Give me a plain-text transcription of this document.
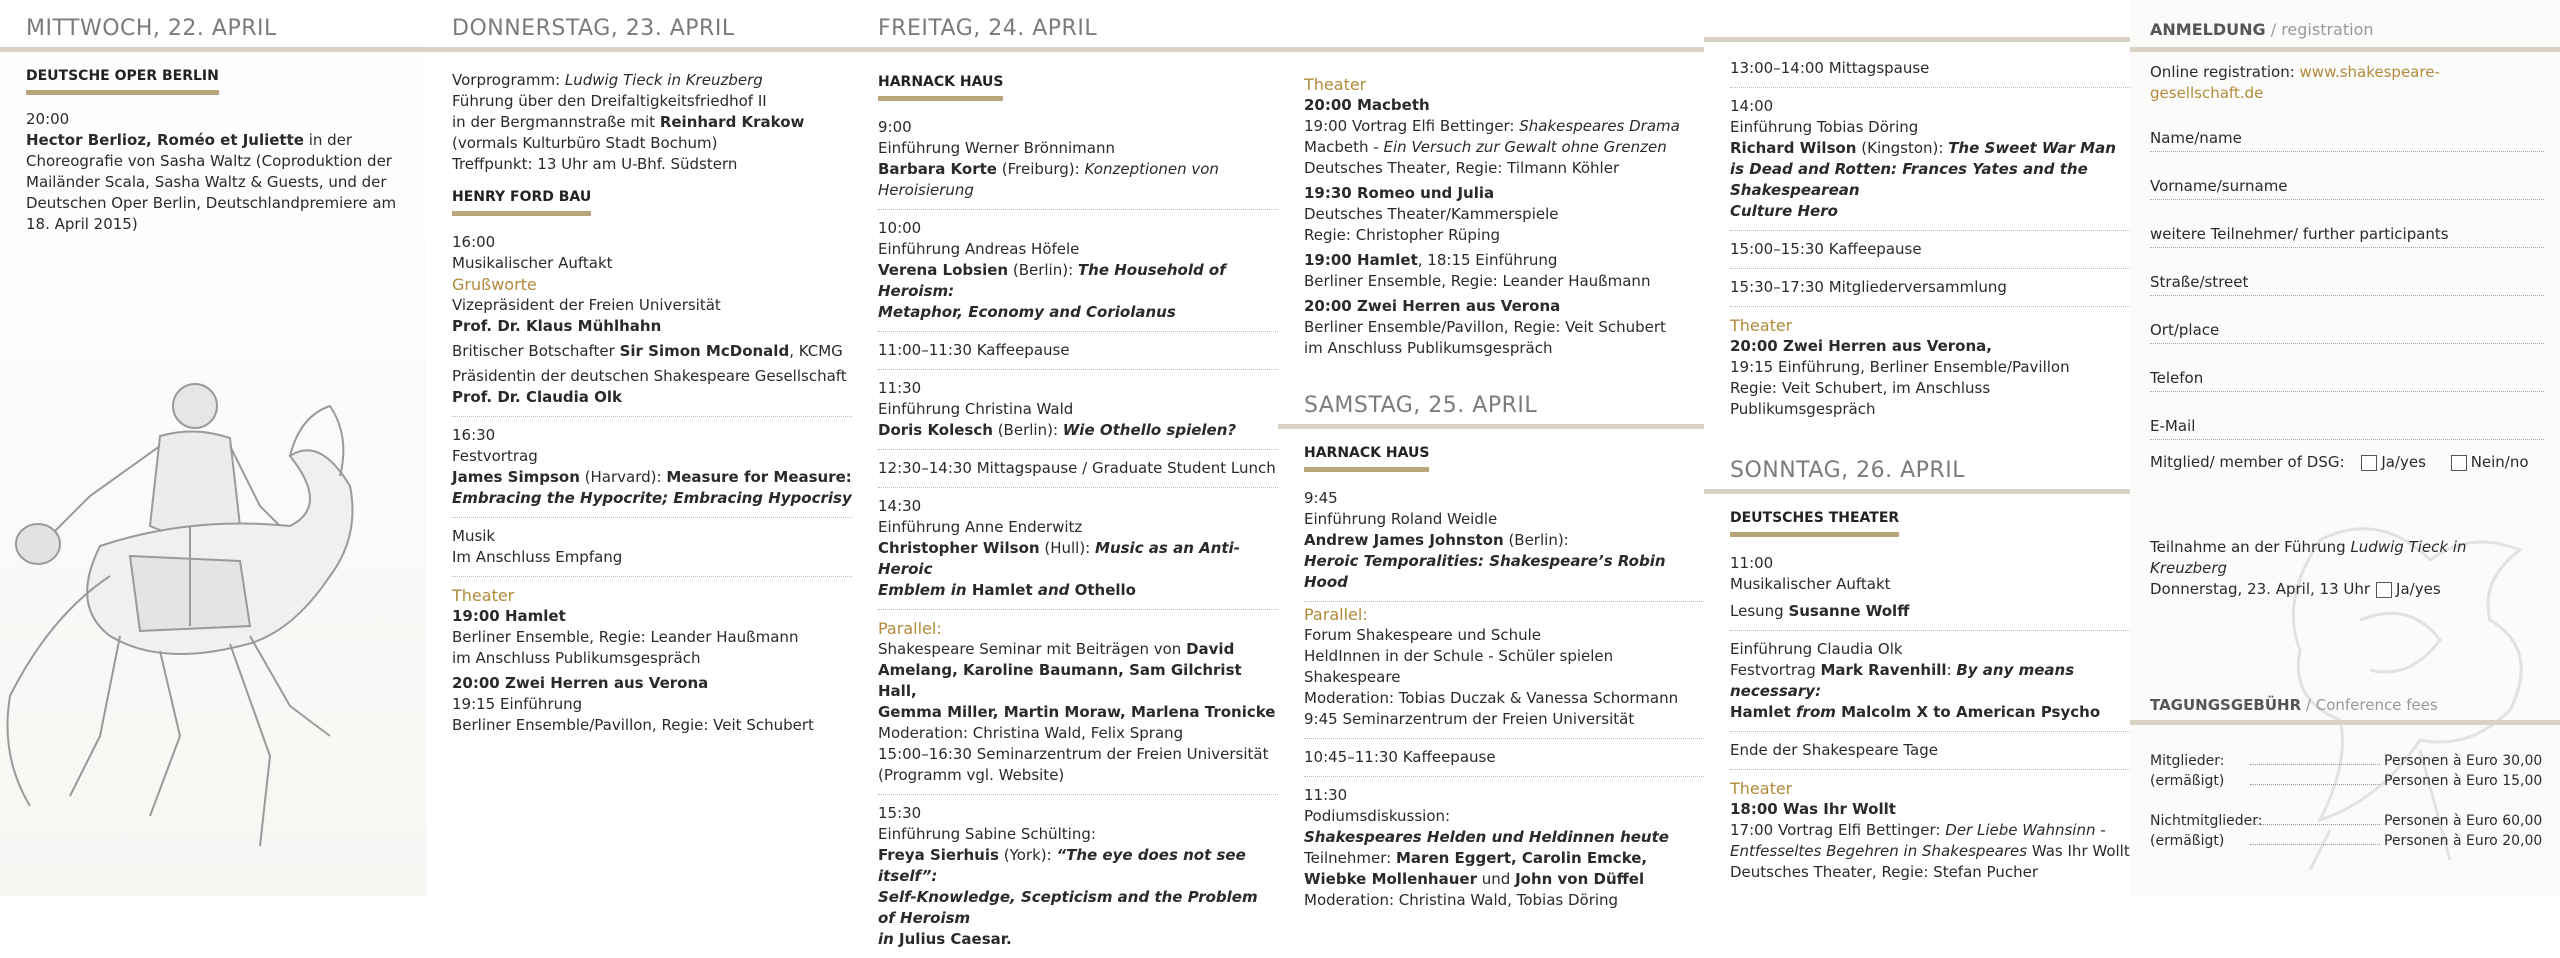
MITTWOCH, 22. APRIL
DEUTSCHE OPER BERLIN
20:00
Hector Berlioz, Roméo et Juliette in der Choreografie von Sasha Waltz (Coproduktion der Mailänder Scala, Sasha Waltz & Guests, und der Deutschen Oper Berlin, Deutschlandpremiere am 18. April 2015)
DONNERSTAG, 23. APRIL
Vorprogramm: Ludwig Tieck in Kreuzberg
Führung über den Dreifaltigkeitsfriedhof II
in der Bergmannstraße mit Reinhard Krakow
(vormals Kulturbüro Stadt Bochum)
Treffpunkt: 13 Uhr am U-Bhf. Südstern
HENRY FORD BAU
16:00
Musikalischer Auftakt
Grußworte
Vizepräsident der Freien Universität
Prof. Dr. Klaus Mühlhahn
Britischer Botschafter Sir Simon McDonald, KCMG
Präsidentin der deutschen Shakespeare Gesellschaft
Prof. Dr. Claudia Olk
16:30
Festvortrag
James Simpson (Harvard): Measure for Measure:
Embracing the Hypocrite; Embracing Hypocrisy
Musik
Im Anschluss Empfang
Theater
19:00 Hamlet
Berliner Ensemble, Regie: Leander Haußmann
im Anschluss Publikumsgespräch
20:00 Zwei Herren aus Verona
19:15 Einführung
Berliner Ensemble/Pavillon, Regie: Veit Schubert
FREITAG, 24. APRIL
HARNACK HAUS
9:00
Einführung Werner Brönnimann
Barbara Korte (Freiburg): Konzeptionen von Heroisierung
10:00
Einführung Andreas Höfele
Verena Lobsien (Berlin): The Household of Heroism:
Metaphor, Economy and Coriolanus
11:00–11:30 Kaffeepause
11:30
Einführung Christina Wald
Doris Kolesch (Berlin): Wie Othello spielen?
12:30–14:30 Mittagspause / Graduate Student Lunch
14:30
Einführung Anne Enderwitz
Christopher Wilson (Hull): Music as an Anti-Heroic
Emblem in Hamlet and Othello
Parallel:
Shakespeare Seminar mit Beiträgen von David
Amelang, Karoline Baumann, Sam Gilchrist Hall,
Gemma Miller, Martin Moraw, Marlena Tronicke
Moderation: Christina Wald, Felix Sprang
15:00–16:30 Seminarzentrum der Freien Universität
(Programm vgl. Website)
15:30
Einführung Sabine Schülting:
Freya Sierhuis (York): “The eye does not see itself”:
Self-Knowledge, Scepticism and the Problem of Heroism
in Julius Caesar.
Theater
20:00 Macbeth
19:00 Vortrag Elfi Bettinger: Shakespeares Drama
Macbeth - Ein Versuch zur Gewalt ohne Grenzen
Deutsches Theater, Regie: Tilmann Köhler
19:30 Romeo und Julia
Deutsches Theater/Kammerspiele
Regie: Christopher Rüping
19:00 Hamlet, 18:15 Einführung
Berliner Ensemble, Regie: Leander Haußmann
20:00 Zwei Herren aus Verona
Berliner Ensemble/Pavillon, Regie: Veit Schubert
im Anschluss Publikumsgespräch
SAMSTAG, 25. APRIL
HARNACK HAUS
9:45
Einführung Roland Weidle
Andrew James Johnston (Berlin):
Heroic Temporalities: Shakespeare’s Robin Hood
Parallel:
Forum Shakespeare und Schule
HeldInnen in der Schule - Schüler spielen Shakespeare
Moderation: Tobias Duczak & Vanessa Schormann
9:45 Seminarzentrum der Freien Universität
10:45–11:30 Kaffeepause
11:30
Podiumsdiskussion:
Shakespeares Helden und Heldinnen heute
Teilnehmer: Maren Eggert, Carolin Emcke,
Wiebke Mollenhauer und John von Düffel
Moderation: Christina Wald, Tobias Döring
13:00–14:00 Mittagspause
14:00
Einführung Tobias Döring
Richard Wilson (Kingston): The Sweet War Man
is Dead and Rotten: Frances Yates and the Shakespearean
Culture Hero
15:00–15:30 Kaffeepause
15:30–17:30 Mitgliederversammlung
Theater
20:00 Zwei Herren aus Verona,
19:15 Einführung, Berliner Ensemble/Pavillon
Regie: Veit Schubert, im Anschluss Publikumsgespräch
SONNTAG, 26. APRIL
DEUTSCHES THEATER
11:00
Musikalischer Auftakt
Lesung Susanne Wolff
Einführung Claudia Olk
Festvortrag Mark Ravenhill: By any means necessary:
Hamlet from Malcolm X to American Psycho
Ende der Shakespeare Tage
Theater
18:00 Was Ihr Wollt
17:00 Vortrag Elfi Bettinger: Der Liebe Wahnsinn -
Entfesseltes Begehren in Shakespeares Was Ihr Wollt
Deutsches Theater, Regie: Stefan Pucher
ANMELDUNG / registration
Online registration: www.shakespeare-gesellschaft.de
Name/name
Vorname/surname
weitere Teilnehmer/ further participants
Straße/street
Ort/place
Telefon
E-Mail
Mitglied/ member of DSG: Ja/yes	Nein/no
Teilnahme an der Führung Ludwig Tieck in Kreuzberg
Donnerstag, 23. April, 13 Uhr Ja/yes
TAGUNGSGEBÜHR / Conference fees
Mitglieder:	Personen à Euro 30,00
(ermäßigt)	Personen à Euro 15,00
Nichtmitglieder:	Personen à Euro 60,00
(ermäßigt)	Personen à Euro 20,00
